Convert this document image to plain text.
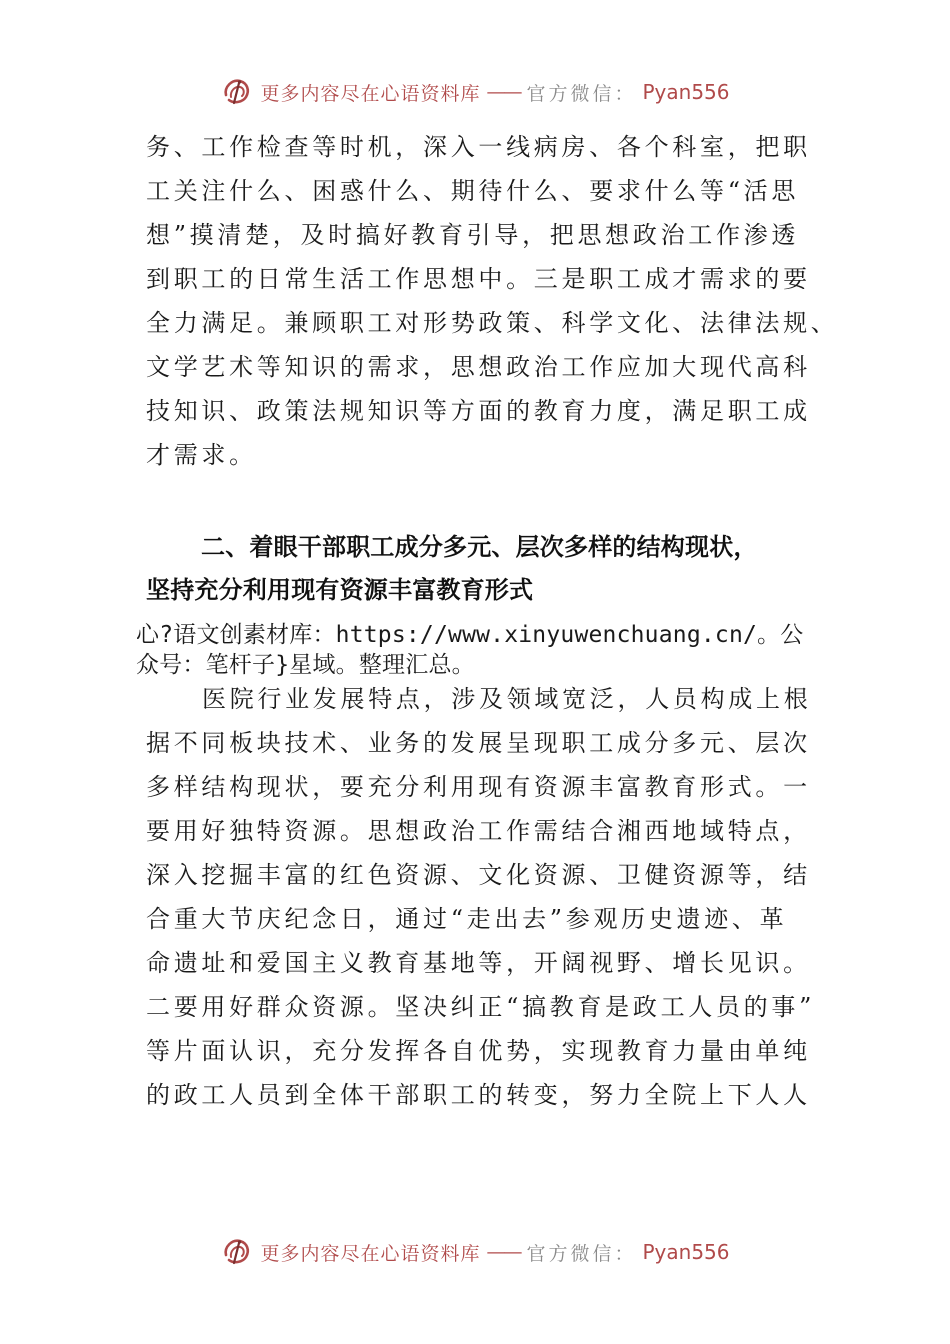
更多内容尽在心语资料库 —— 官方微信： Pyan556
务、工作检查等时机，深入一线病房、各个科室，把职
工关注什么、困惑什么、期待什么、要求什么等“活思
想”摸清楚，及时搞好教育引导，把思想政治工作渗透
到职工的日常生活工作思想中。三是职工成才需求的要
全力满足。兼顾职工对形势政策、科学文化、法律法规、
文学艺术等知识的需求，思想政治工作应加大现代高科
技知识、政策法规知识等方面的教育力度，满足职工成
才需求。
二、着眼干部职工成分多元、层次多样的结构现状，
坚持充分利用现有资源丰富教育形式
心?语文创素材库：https://www.xinyuwenchuang.cn/。公
众号：笔杆子}星域。整理汇总。
医院行业发展特点，涉及领域宽泛，人员构成上根
据不同板块技术、业务的发展呈现职工成分多元、层次
多样结构现状，要充分利用现有资源丰富教育形式。一
要用好独特资源。思想政治工作需结合湘西地域特点，
深入挖掘丰富的红色资源、文化资源、卫健资源等，结
合重大节庆纪念日，通过“走出去”参观历史遗迹、革
命遗址和爱国主义教育基地等，开阔视野、增长见识。
二要用好群众资源。坚决纠正“搞教育是政工人员的事”
等片面认识，充分发挥各自优势，实现教育力量由单纯
的政工人员到全体干部职工的转变，努力全院上下人人
更多内容尽在心语资料库 —— 官方微信： Pyan556
